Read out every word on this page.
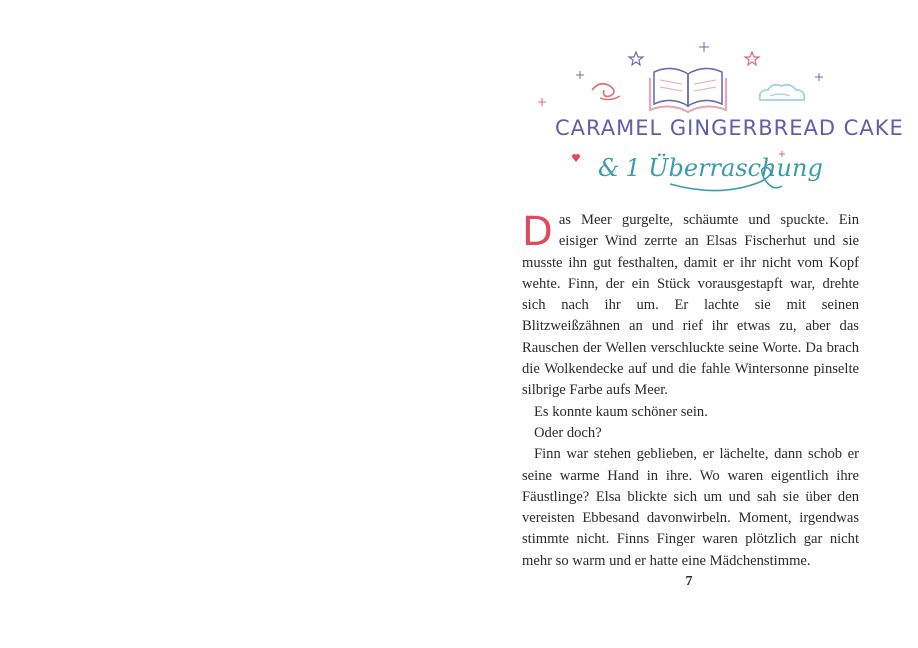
CARAMEL GINGERBREAD CAKE
& 1 Überraschung

Das Meer gurgelte, schäumte und spuckte. Ein eisiger Wind zerrte an Elsas Fischerhut und sie musste ihn gut festhalten, damit er ihr nicht vom Kopf wehte. Finn, der ein Stück vorausgestapft war, drehte sich nach ihr um. Er lachte sie mit seinen Blitzweißzähnen an und rief ihr etwas zu, aber das Rauschen der Wellen verschluckte seine Worte. Da brach die Wolkendecke auf und die fahle Wintersonne pinselte silbrige Farbe aufs Meer.

Es konnte kaum schöner sein.

Oder doch?

Finn war stehen geblieben, er lächelte, dann schob er seine warme Hand in ihre. Wo waren eigentlich ihre Fäustlinge? Elsa blickte sich um und sah sie über den vereisten Ebbesand davonwirbeln. Moment, irgendwas stimmte nicht. Finns Finger waren plötzlich gar nicht mehr so warm und er hatte eine Mädchenstimme.

7
